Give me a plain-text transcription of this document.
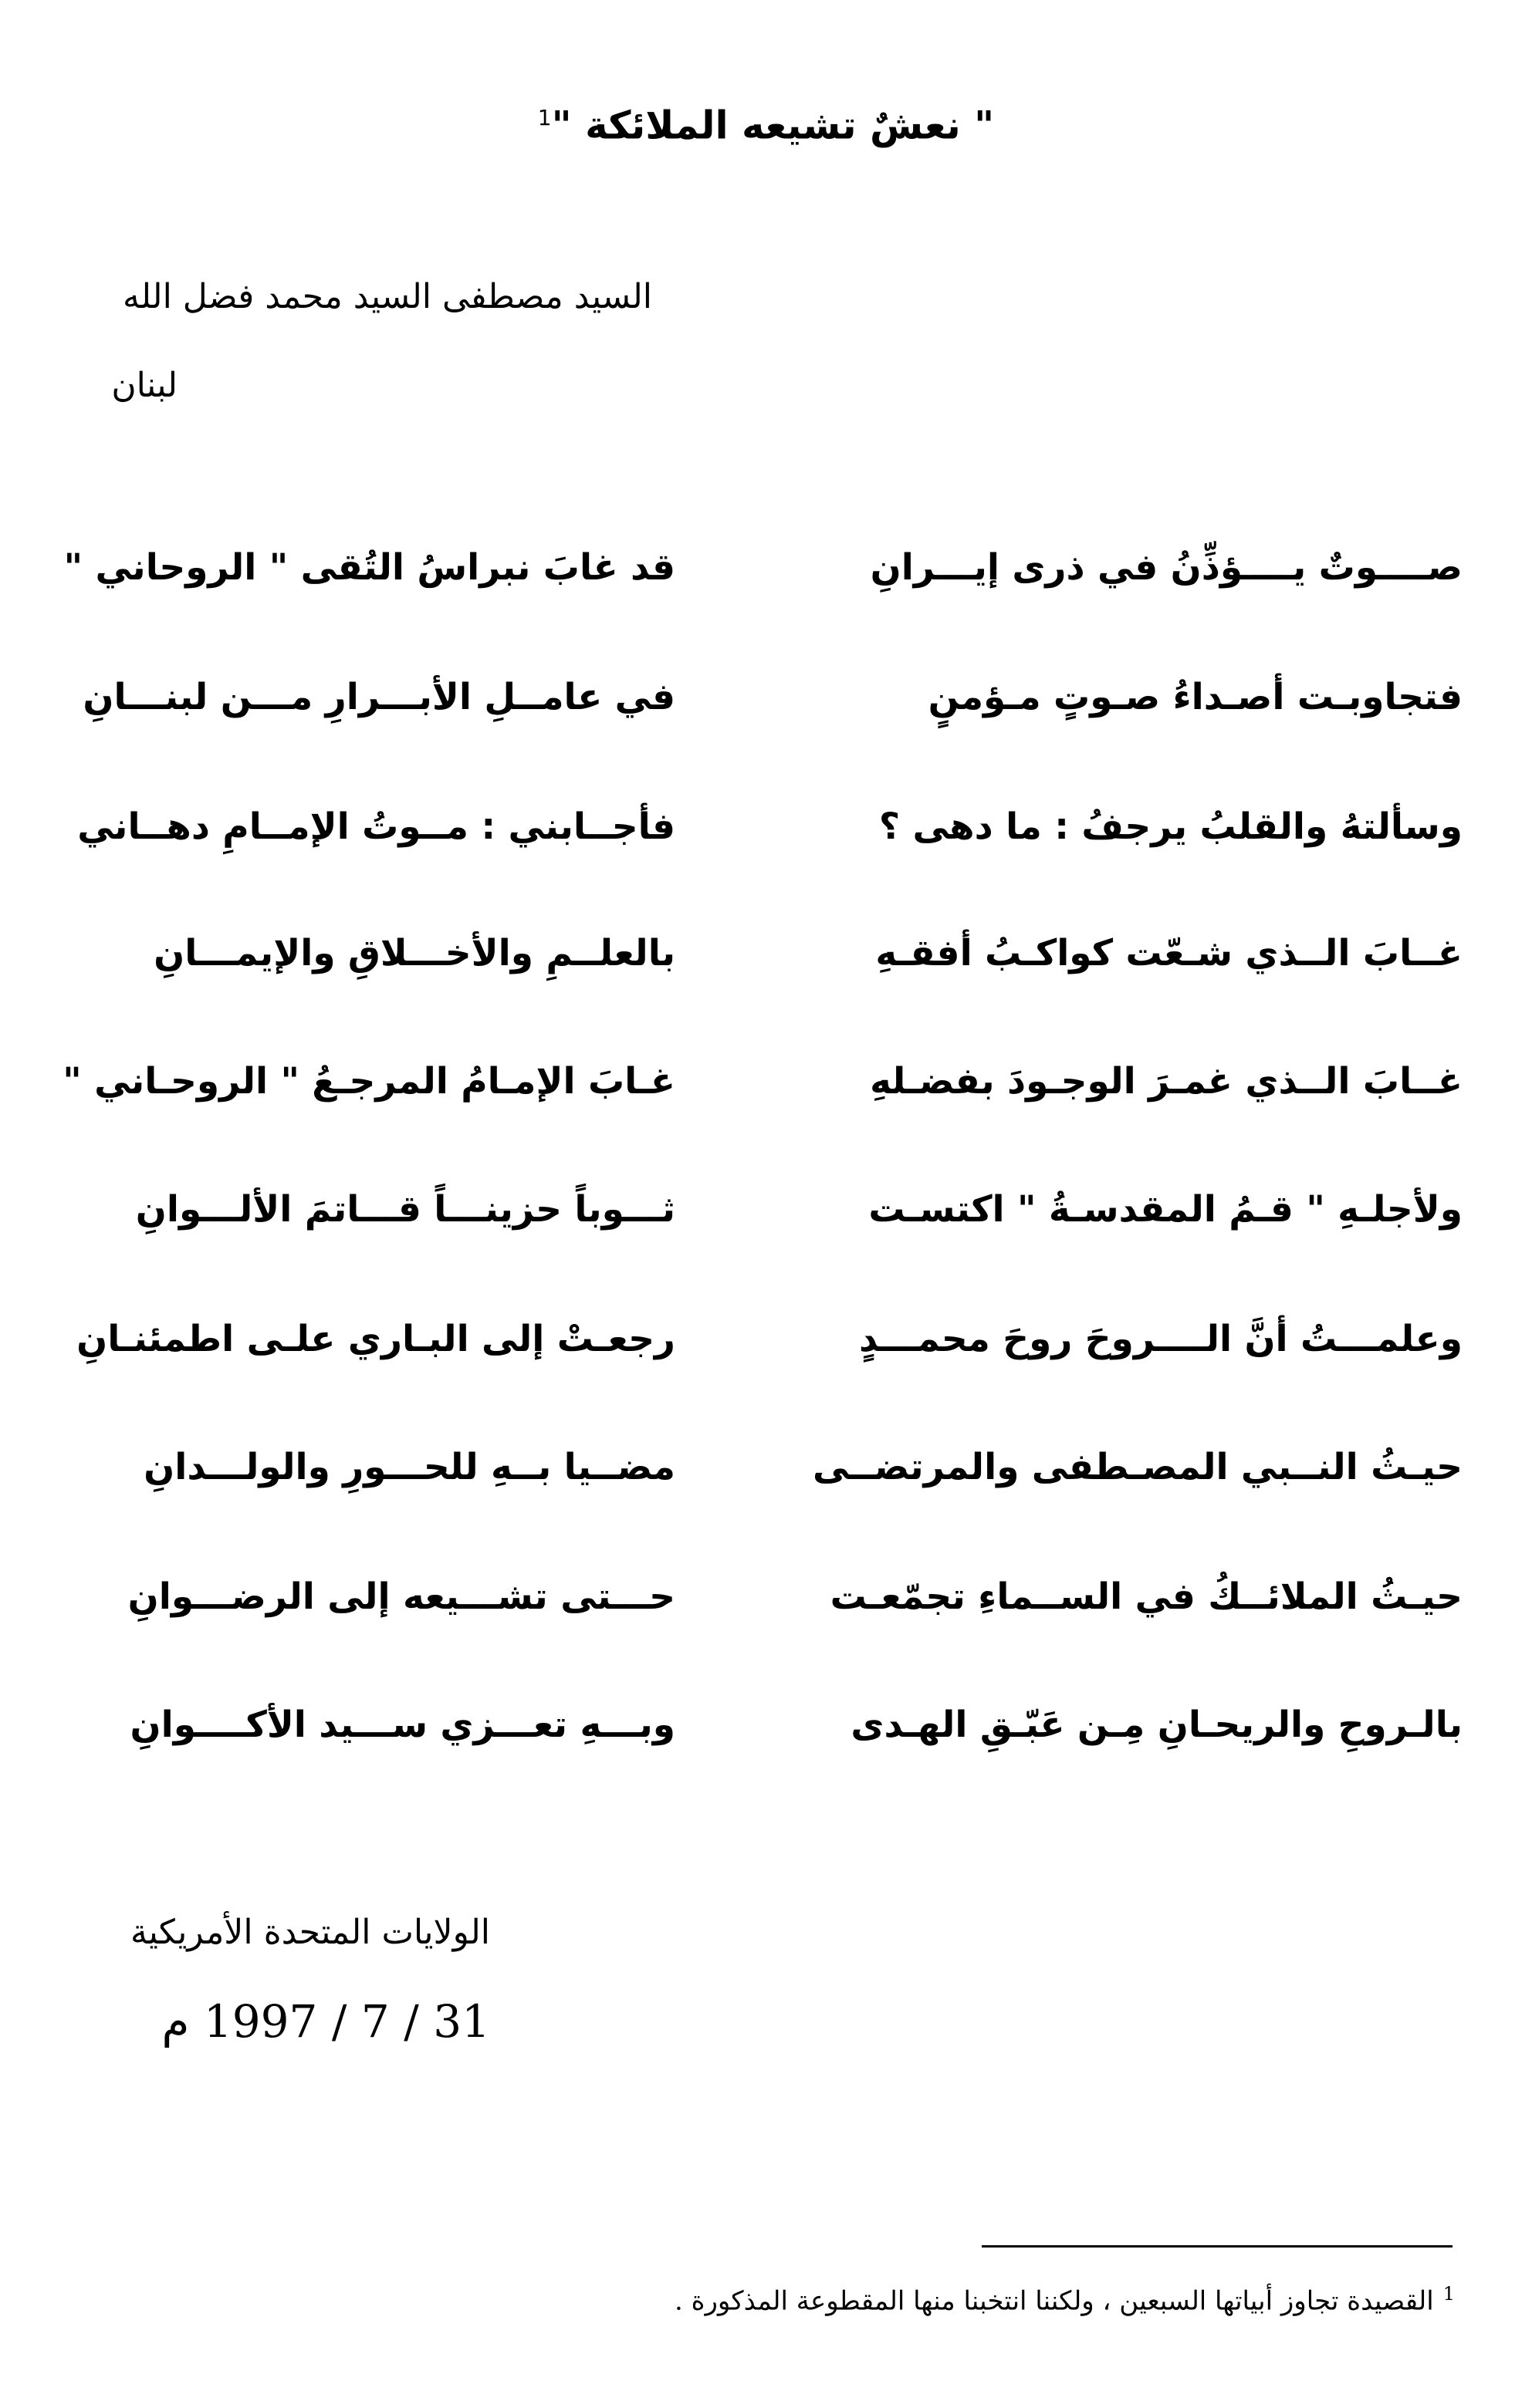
" نعشٌ تشيعه الملائكة "$^1$
السيد مصطفى السيد محمد فضل الله
لبنان
صــــوتٌ يــــؤذِّنُ في ذرى إيـــرانِ
قد غابَ نبراسُ التُقى " الروحاني "
فتجاوبـت أصـداءُ صـوتٍ مـؤمنٍ
في عامــلِ الأبـــرارِ مـــن لبنـــانِ
وسألتهُ والقلبُ يرجفُ : ما دهى ؟
فأجــابني : مــوتُ الإمــامِ دهــاني
غــابَ الــذي شـعّت كواكـبُ أفقـهِ
بالعلــمِ والأخـــلاقِ والإيمـــانِ
غــابَ الــذي غمـرَ الوجـودَ بفضـلهِ
غـابَ الإمـامُ المرجـعُ " الروحـاني "
ولأجلـهِ " قـمُ المقدسـةُ " اكتسـت
ثـــوباً حزينـــاً قـــاتمَ الألـــوانِ
وعلمـــتُ أنَّ الــــروحَ روحَ محمـــدٍ
رجعـتْ إلى البـاري علـى اطمئنـانِ
حيـثُ النــبي المصـطفى والمرتضــى
مضــيا بــهِ للحـــورِ والولـــدانِ
حيـثُ الملائــكُ في الســماءِ تجمّعـت
حـــتى تشـــيعه إلى الرضـــوانِ
بالـروحِ والريحـانِ مِـن عَبّـقِ الهـدى
وبـــهِ تعـــزي ســـيد الأكــــوانِ
الولايات المتحدة الأمريكية
31 / 7 / 1997 م
$^1$القصيدة تجاوز أبياتها السبعين ، ولكننا انتخبنا منها المقطوعة المذكورة .
